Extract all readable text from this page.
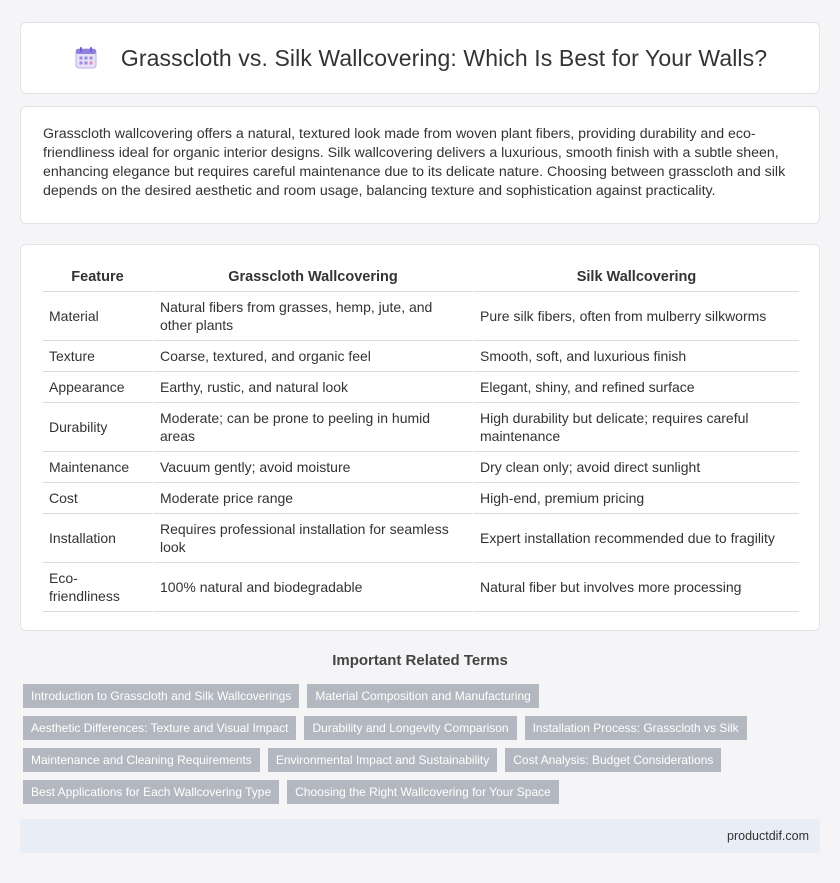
Grasscloth vs. Silk Wallcovering: Which Is Best for Your Walls?

Grasscloth wallcovering offers a natural, textured look made from woven plant fibers, providing durability and eco-friendliness ideal for organic interior designs. Silk wallcovering delivers a luxurious, smooth finish with a subtle sheen, enhancing elegance but requires careful maintenance due to its delicate nature. Choosing between grasscloth and silk depends on the desired aesthetic and room usage, balancing texture and sophistication against practicality.

Feature	Grasscloth Wallcovering	Silk Wallcovering
Material	Natural fibers from grasses, hemp, jute, and other plants	Pure silk fibers, often from mulberry silkworms
Texture	Coarse, textured, and organic feel	Smooth, soft, and luxurious finish
Appearance	Earthy, rustic, and natural look	Elegant, shiny, and refined surface
Durability	Moderate; can be prone to peeling in humid areas	High durability but delicate; requires careful maintenance
Maintenance	Vacuum gently; avoid moisture	Dry clean only; avoid direct sunlight
Cost	Moderate price range	High-end, premium pricing
Installation	Requires professional installation for seamless look	Expert installation recommended due to fragility
Eco-friendliness	100% natural and biodegradable	Natural fiber but involves more processing
Important Related Terms
Introduction to Grasscloth and Silk Wallcoverings	Material Composition and Manufacturing
Aesthetic Differences: Texture and Visual Impact	Durability and Longevity Comparison	Installation Process: Grasscloth vs Silk
Maintenance and Cleaning Requirements	Environmental Impact and Sustainability	Cost Analysis: Budget Considerations
Best Applications for Each Wallcovering Type	Choosing the Right Wallcovering for Your Space
productdif.com
